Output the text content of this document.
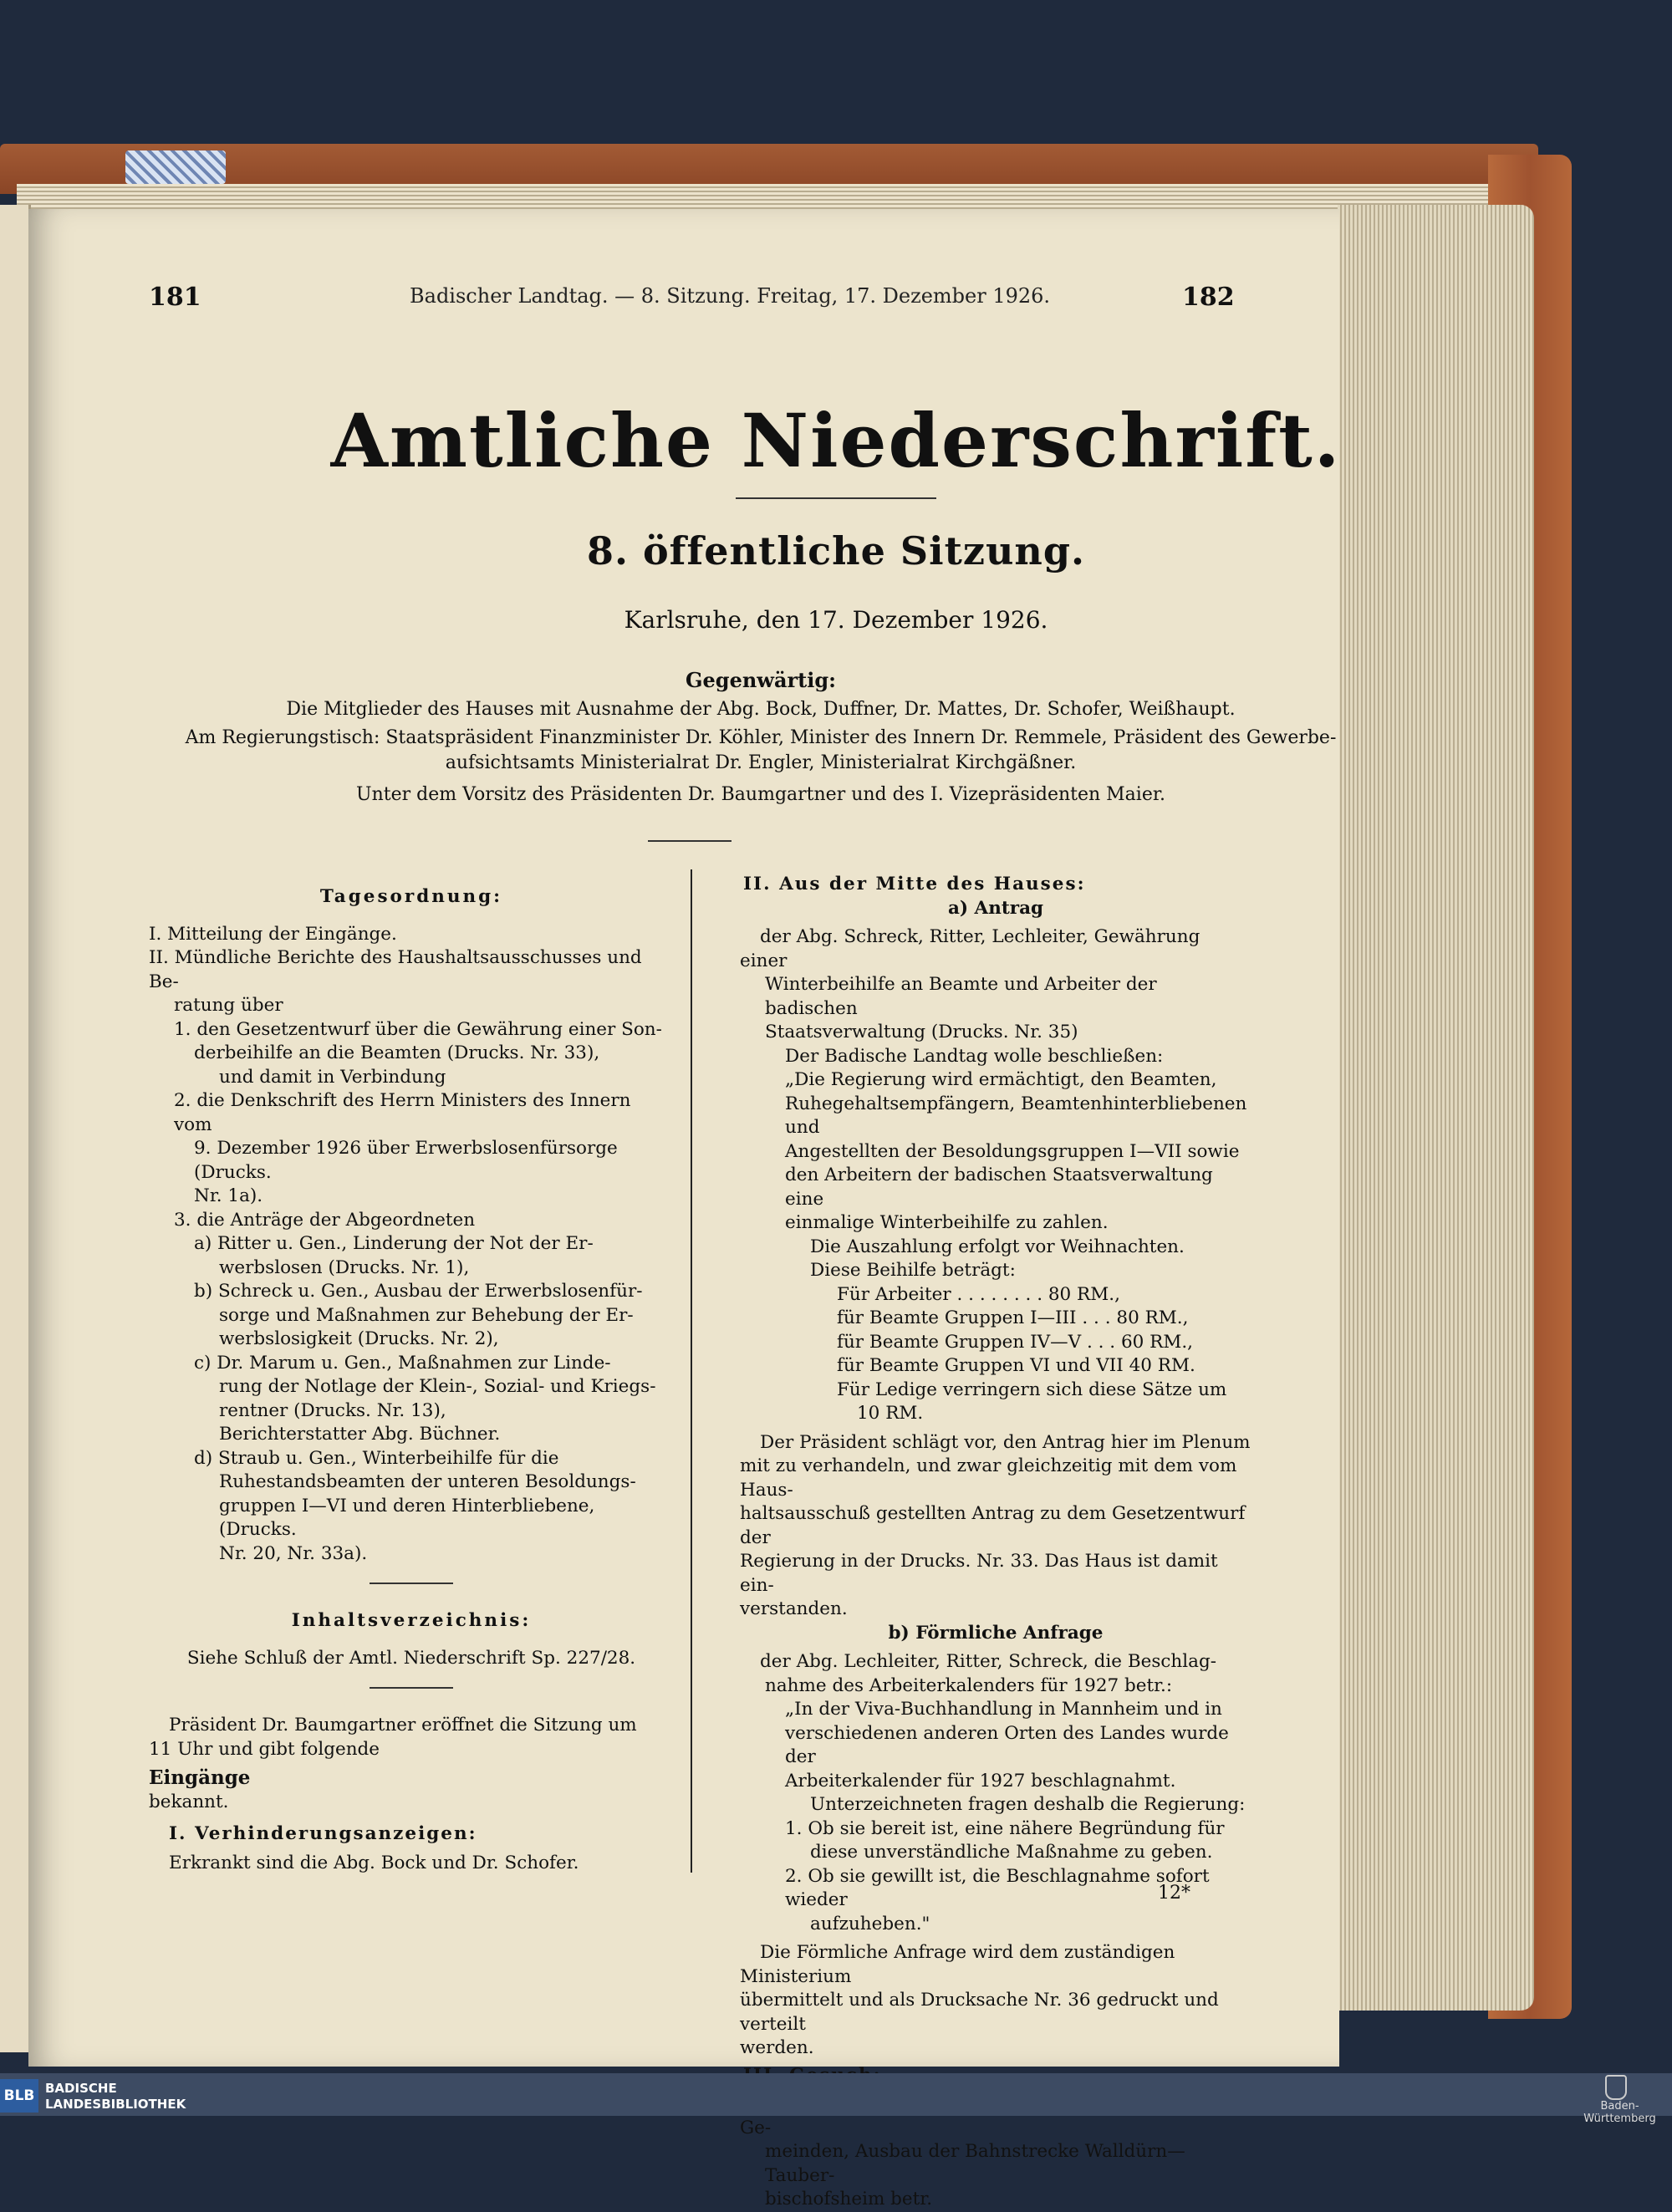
181	Badischer Landtag. — 8. Sitzung. Freitag, 17. Dezember 1926.	182
Amtliche Niederschrift.
8. öffentliche Sitzung.
Karlsruhe, den 17. Dezember 1926.
Gegenwärtig:
Die Mitglieder des Hauses mit Ausnahme der Abg. Bock, Duffner, Dr. Mattes, Dr. Schofer, Weißhaupt.
Am Regierungstisch: Staatspräsident Finanzminister Dr. Köhler, Minister des Innern Dr. Remmele, Präsident des Gewerbe-
aufsichtsamts Ministerialrat Dr. Engler, Ministerialrat Kirchgäßner.
Unter dem Vorsitz des Präsidenten Dr. Baumgartner und des I. Vizepräsidenten Maier.

Tagesordnung:

I. Mitteilung der Eingänge.

II. Mündliche Berichte des Haushaltsausschusses und Be-

ratung über

1. den Gesetzentwurf über die Gewährung einer Son-

derbeihilfe an die Beamten (Drucks. Nr. 33),

und damit in Verbindung

2. die Denkschrift des Herrn Ministers des Innern vom

9. Dezember 1926 über Erwerbslosenfürsorge (Drucks.

Nr. 1a).

3. die Anträge der Abgeordneten

a) Ritter u. Gen., Linderung der Not der Er-

werbslosen (Drucks. Nr. 1),

b) Schreck u. Gen., Ausbau der Erwerbslosenfür-

sorge und Maßnahmen zur Behebung der Er-

werbslosigkeit (Drucks. Nr. 2),

c) Dr. Marum u. Gen., Maßnahmen zur Linde-

rung der Notlage der Klein-, Sozial- und Kriegs-

rentner (Drucks. Nr. 13),

Berichterstatter Abg. Büchner.

d) Straub u. Gen., Winterbeihilfe für die

Ruhestandsbeamten der unteren Besoldungs-

gruppen I—VI und deren Hinterbliebene, (Drucks.

Nr. 20, Nr. 33a).

Inhaltsverzeichnis:

Siehe Schluß der Amtl. Niederschrift Sp. 227/28.

Präsident Dr. Baumgartner eröffnet die Sitzung um

11 Uhr und gibt folgende

Eingänge

bekannt.

I. Verhinderungsanzeigen:

Erkrankt sind die Abg. Bock und Dr. Schofer.

II. Aus der Mitte des Hauses:

a) Antrag

der Abg. Schreck, Ritter, Lechleiter, Gewährung einer

Winterbeihilfe an Beamte und Arbeiter der badischen

Staatsverwaltung (Drucks. Nr. 35)

Der Badische Landtag wolle beschließen:

„Die Regierung wird ermächtigt, den Beamten,

Ruhegehaltsempfängern, Beamtenhinterbliebenen und

Angestellten der Besoldungsgruppen I—VII sowie

den Arbeitern der badischen Staatsverwaltung eine

einmalige Winterbeihilfe zu zahlen.

Die Auszahlung erfolgt vor Weihnachten.

Diese Beihilfe beträgt:

Für Arbeiter . . . . . . . . 80 RM.,

für Beamte Gruppen I—III . . . 80 RM.,

für Beamte Gruppen IV—V . . . 60 RM.,

für Beamte Gruppen VI und VII 40 RM.

Für Ledige verringern sich diese Sätze um

10 RM.

Der Präsident schlägt vor, den Antrag hier im Plenum

mit zu verhandeln, und zwar gleichzeitig mit dem vom Haus-

haltsausschuß gestellten Antrag zu dem Gesetzentwurf der

Regierung in der Drucks. Nr. 33. Das Haus ist damit ein-

verstanden.

b) Förmliche Anfrage

der Abg. Lechleiter, Ritter, Schreck, die Beschlag-

nahme des Arbeiterkalenders für 1927 betr.:

„In der Viva-Buchhandlung in Mannheim und in

verschiedenen anderen Orten des Landes wurde der

Arbeiterkalender für 1927 beschlagnahmt.

Unterzeichneten fragen deshalb die Regierung:

1. Ob sie bereit ist, eine nähere Begründung für

diese unverständliche Maßnahme zu geben.

2. Ob sie gewillt ist, die Beschlagnahme sofort wieder

aufzuheben."

Die Förmliche Anfrage wird dem zuständigen Ministerium

übermittelt und als Drucksache Nr. 36 gedruckt und verteilt

werden.

Ge-

meinden, Ausbau der Bahnstrecke Walldürn—Tauber-

bischofsheim betr.

12*
BLB BADISCHE
LANDESBIBLIOTHEK	Baden-Württemberg
